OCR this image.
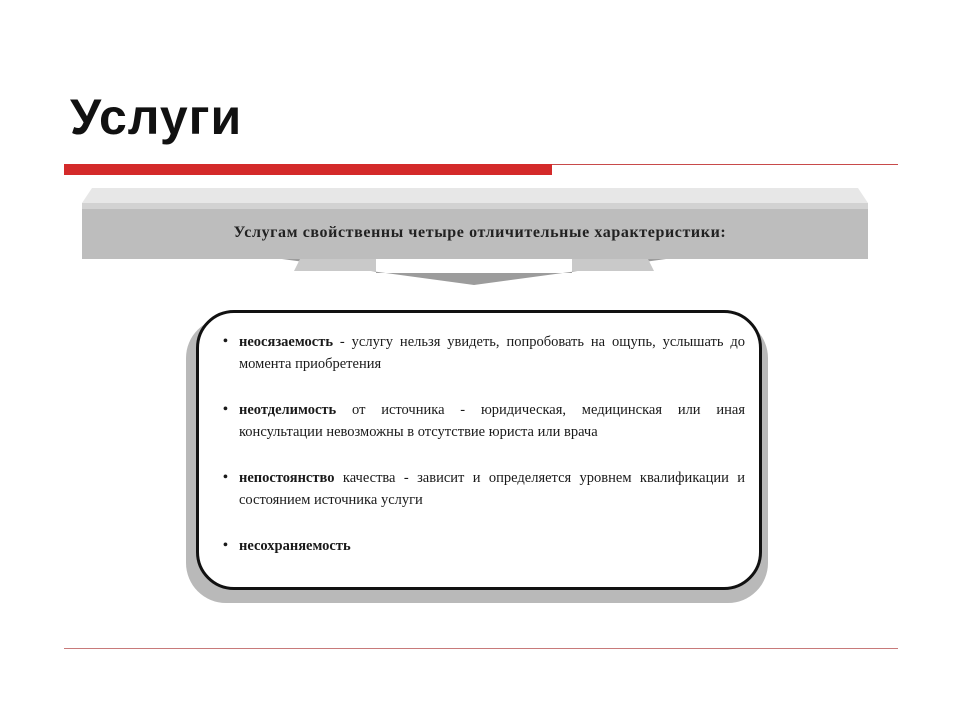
Услуги
Услугам свойственны четыре отличительные характеристики:
• неосязаемость - услугу нельзя увидеть, попробовать на ощупь, услышать до момента приобретения
• неотделимость от источника - юридическая, медицинская или иная консультации невозможны в отсутствие юриста или врача
• непостоянство качества - зависит и определяется уровнем квалификации и состоянием источника услуги
• несохраняемость
